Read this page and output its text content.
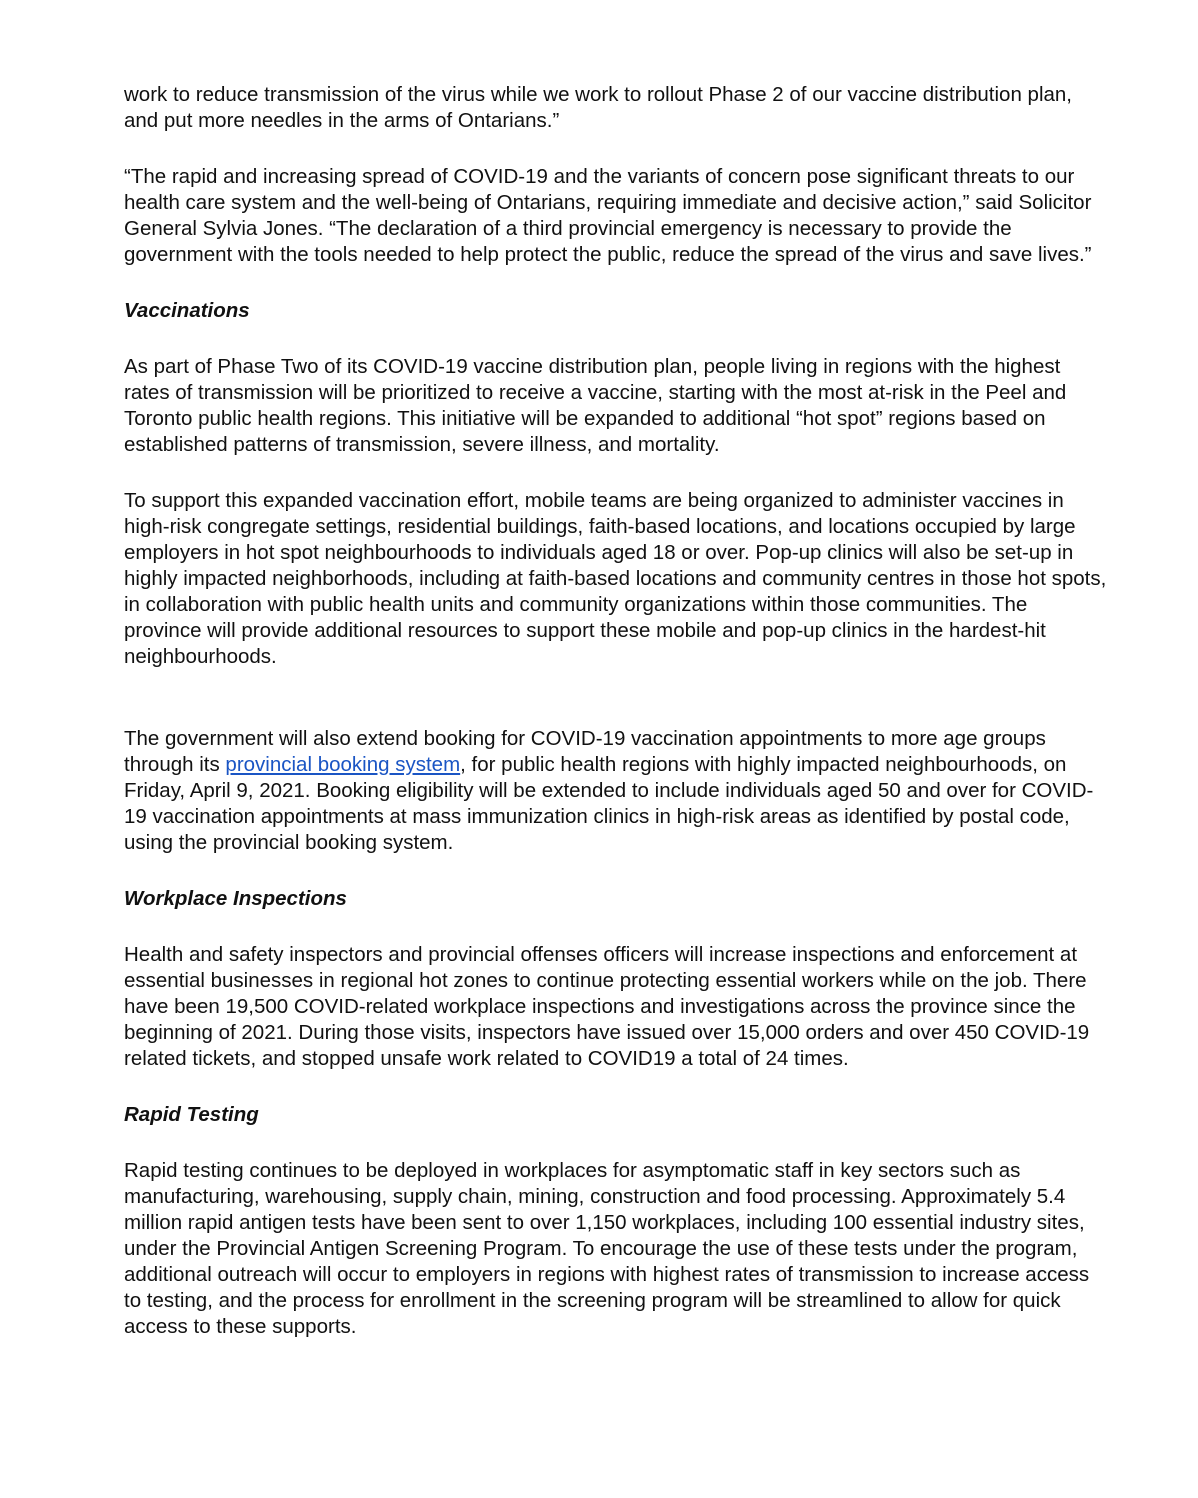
work to reduce transmission of the virus while we work to rollout Phase 2 of our vaccine distribution plan, and put more needles in the arms of Ontarians.”

“The rapid and increasing spread of COVID-19 and the variants of concern pose significant threats to our health care system and the well-being of Ontarians, requiring immediate and decisive action,” said Solicitor General Sylvia Jones. “The declaration of a third provincial emergency is necessary to provide the government with the tools needed to help protect the public, reduce the spread of the virus and save lives.”

Vaccinations

As part of Phase Two of its COVID-19 vaccine distribution plan, people living in regions with the highest rates of transmission will be prioritized to receive a vaccine, starting with the most at-risk in the Peel and Toronto public health regions. This initiative will be expanded to additional “hot spot” regions based on established patterns of transmission, severe illness, and mortality.

To support this expanded vaccination effort, mobile teams are being organized to administer vaccines in high-risk congregate settings, residential buildings, faith-based locations, and locations occupied by large employers in hot spot neighbourhoods to individuals aged 18 or over. Pop-up clinics will also be set-up in highly impacted neighborhoods, including at faith-based locations and community centres in those hot spots, in collaboration with public health units and community organizations within those communities. The province will provide additional resources to support these mobile and pop-up clinics in the hardest-hit neighbourhoods.

The government will also extend booking for COVID-19 vaccination appointments to more age groups through its provincial booking system, for public health regions with highly impacted neighbourhoods, on Friday, April 9, 2021. Booking eligibility will be extended to include individuals aged 50 and over for COVID-19 vaccination appointments at mass immunization clinics in high-risk areas as identified by postal code, using the provincial booking system.

Workplace Inspections

Health and safety inspectors and provincial offenses officers will increase inspections and enforcement at essential businesses in regional hot zones to continue protecting essential workers while on the job. There have been 19,500 COVID-related workplace inspections and investigations across the province since the beginning of 2021. During those visits, inspectors have issued over 15,000 orders and over 450 COVID-19 related tickets, and stopped unsafe work related to COVID19 a total of 24 times.

Rapid Testing

Rapid testing continues to be deployed in workplaces for asymptomatic staff in key sectors such as manufacturing, warehousing, supply chain, mining, construction and food processing. Approximately 5.4 million rapid antigen tests have been sent to over 1,150 workplaces, including 100 essential industry sites, under the Provincial Antigen Screening Program. To encourage the use of these tests under the program, additional outreach will occur to employers in regions with highest rates of transmission to increase access to testing, and the process for enrollment in the screening program will be streamlined to allow for quick access to these supports.
